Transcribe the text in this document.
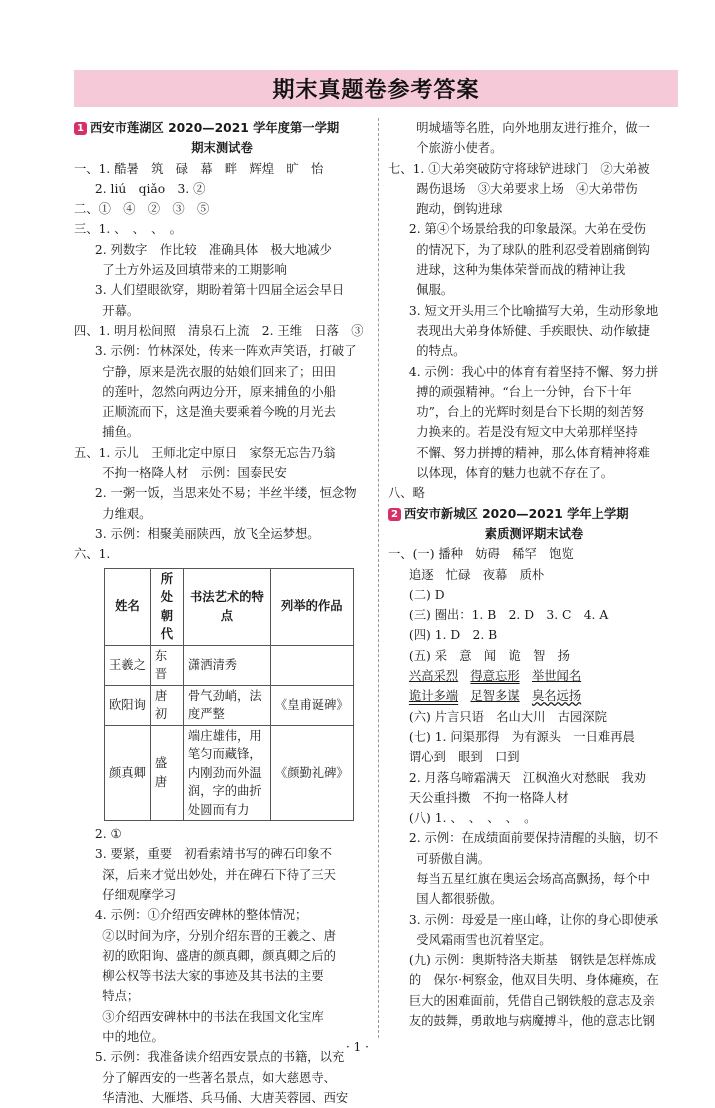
期末真题卷参考答案
1 西安市莲湖区 2020—2021 学年度第一学期
期末测试卷
一、1. 酷暑　筑　碌　幕　畔　辉煌　旷　怡
2. liú　qiǎo　3. ②
二、①　④　②　③　⑤
三、1. 、　、　、　。
2. 列数字　作比较　准确具体　极大地减少
了土方外运及回填带来的工期影响
3. 人们望眼欲穿，期盼着第十四届全运会早日
开幕。
四、1. 明月松间照　清泉石上流　2. 王维　日落　③
3. 示例：竹林深处，传来一阵欢声笑语，打破了
宁静，原来是洗衣服的姑娘们回来了；田田
的莲叶，忽然向两边分开，原来捕鱼的小船
正顺流而下，这是渔夫要乘着今晚的月光去
捕鱼。
五、1. 示儿　王师北定中原日　家祭无忘告乃翁
不拘一格降人材　示例：国泰民安
2. 一粥一饭，当思来处不易；半丝半缕，恒念物
力维艰。
3. 示例：相聚美丽陕西，放飞全运梦想。
六、1.
姓名	所处朝代	书法艺术的特点	列举的作品
王羲之	东晋	潇洒清秀	
欧阳询	唐初	骨气劲峭，法度严整	《皇甫诞碑》
颜真卿	盛唐	端庄雄伟，用笔匀而藏锋，内刚劲而外温润，字的曲折处圆而有力	《颜勤礼碑》
2. ①
3. 要紧，重要　初看索靖书写的碑石印象不
深，后来才觉出妙处，并在碑石下待了三天
仔细观摩学习
4. 示例：①介绍西安碑林的整体情况；
②以时间为序，分别介绍东晋的王羲之、唐
初的欧阳询、盛唐的颜真卿，颜真卿之后的
柳公权等书法大家的事迹及其书法的主要
特点；
③介绍西安碑林中的书法在我国文化宝库
中的地位。
5. 示例：我准备读介绍西安景点的书籍，以充
分了解西安的一些著名景点，如大慈恩寺、
华清池、大雁塔、兵马俑、大唐芙蓉园、西安
明城墙等名胜，向外地朋友进行推介，做一
个旅游小使者。
七、1. ①大弟突破防守将球铲进球门　②大弟被
踢伤退场　③大弟要求上场　④大弟带伤
跑动，倒钩进球
2. 第④个场景给我的印象最深。大弟在受伤
的情况下，为了球队的胜利忍受着剧痛倒钩
进球，这种为集体荣誉而战的精神让我
佩服。
3. 短文开头用三个比喻描写大弟，生动形象地
表现出大弟身体矫健、手疾眼快、动作敏捷
的特点。
4. 示例：我心中的体育有着坚持不懈、努力拼
搏的顽强精神。“台上一分钟，台下十年
功”，台上的光辉时刻是台下长期的刻苦努
力换来的。若是没有短文中大弟那样坚持
不懈、努力拼搏的精神，那么体育精神将难
以体现，体育的魅力也就不存在了。
八、略
2 西安市新城区 2020—2021 学年上学期
素质测评期末试卷
一、(一) 播种　妨碍　稀罕　饱览
追逐　忙碌　夜幕　质朴
(二) D
(三) 圈出：1. B　2. D　3. C　4. A
(四) 1. D　2. B
(五) 采　意　闻　诡　智　扬
兴高采烈　 得意忘形　 举世闻名
诡计多端　 足智多谋　 臭名远扬
(六) 片言只语　名山大川　古园深院
(七) 1. 问渠那得　为有源头　一日难再晨
谓心到　眼到　口到
2. 月落乌啼霜满天　江枫渔火对愁眠　我劝
天公重抖擞　不拘一格降人材
(八) 1. 、　、　、　、　。
2. 示例：在成绩面前要保持清醒的头脑，切不
可骄傲自满。
每当五星红旗在奥运会场高高飘扬，每个中
国人都很骄傲。
3. 示例：母爱是一座山峰，让你的身心即使承
受风霜雨雪也沉着坚定。
(九) 示例：奥斯特洛夫斯基　钢铁是怎样炼成
的　保尔·柯察金，他双目失明、身体瘫痪，在
巨大的困难面前，凭借自己钢铁般的意志及亲
友的鼓舞，勇敢地与病魔搏斗，他的意志比钢
· 1 ·
